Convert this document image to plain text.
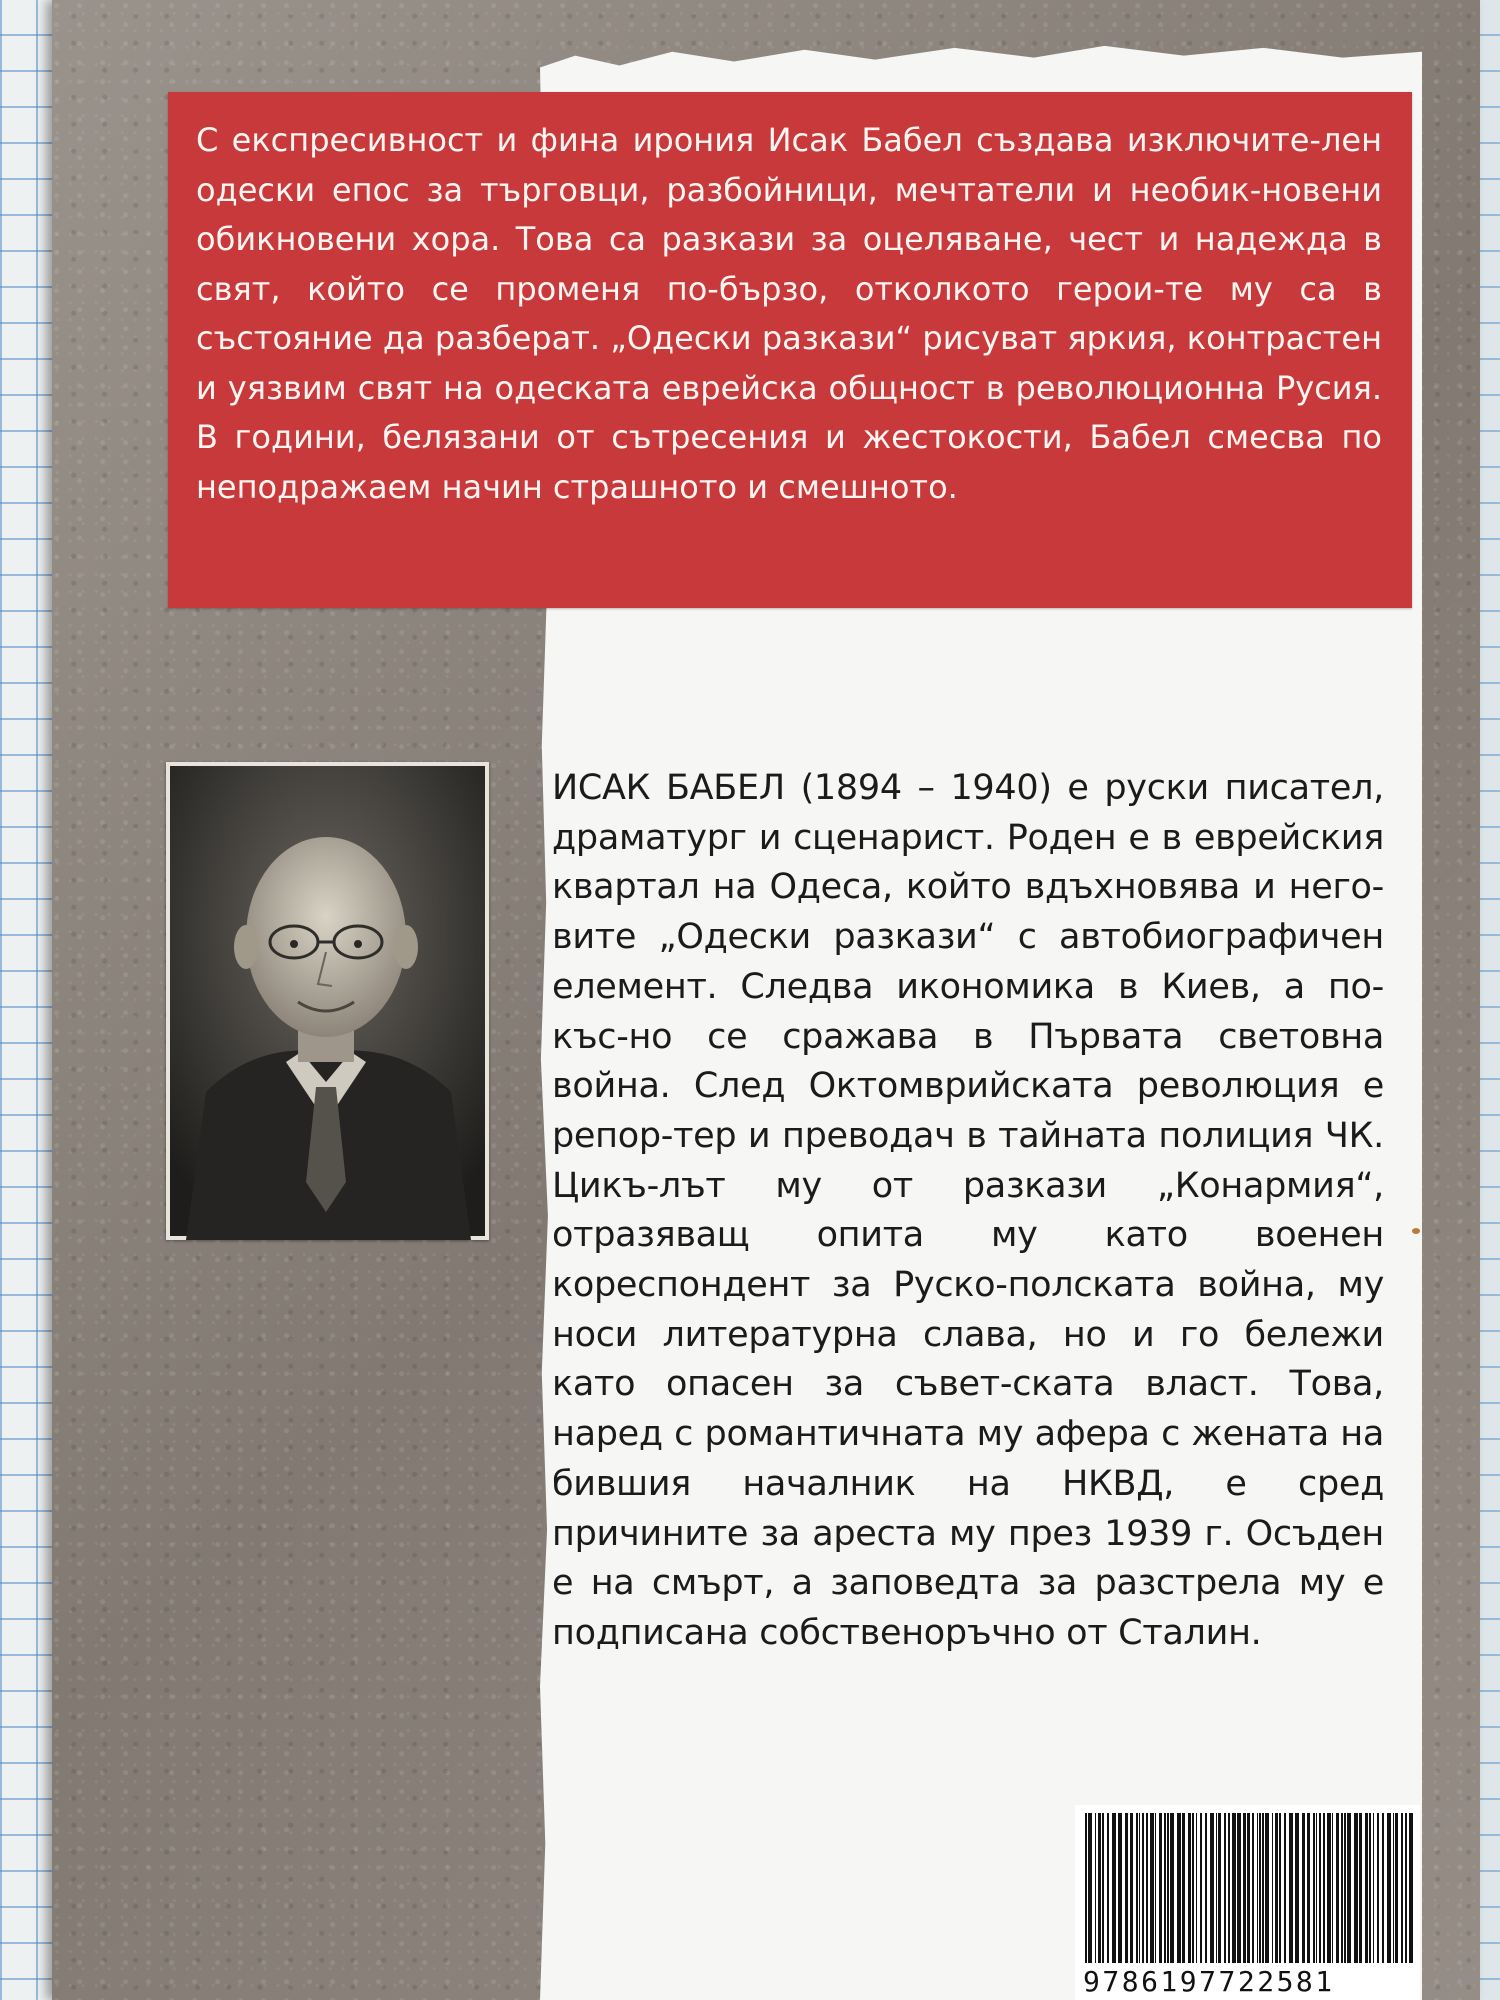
С експресивност и фина ирония Исак Бабел създава изключите-лен одески епос за търговци, разбойници, мечтатели и необик-новени обикновени хора. Това са разкази за оцеляване, чест и надежда в свят, който се променя по-бързо, отколкото герои-те му са в състояние да разберат. „Одески разкази“ рисуват яркия, контрастен и уязвим свят на одеската еврейска общност в революционна Русия. В години, белязани от сътресения и жестокости, Бабел смесва по неподражаем начин страшното и смешното.

ИСАК БАБЕЛ (1894 – 1940) е руски писател, драматург и сценарист. Роден е в еврейския квартал на Одеса, който вдъхновява и него-вите „Одески разкази“ с автобиографичен елемент. Следва икономика в Киев, а по-къс-но се сражава в Първата световна война. След Октомврийската революция е репор-тер и преводач в тайната полиция ЧК. Цикъ-лът му от разкази „Конармия“, отразяващ опита му като военен кореспондент за Руско-полската война, му носи литературна слава, но и го бележи като опасен за съвет-ската власт. Това, наред с романтичната му афера с жената на бившия началник на НКВД, е сред причините за ареста му през 1939 г. Осъден е на смърт, а заповедта за разстрела му е подписана собственоръчно от Сталин.

9786197722581
